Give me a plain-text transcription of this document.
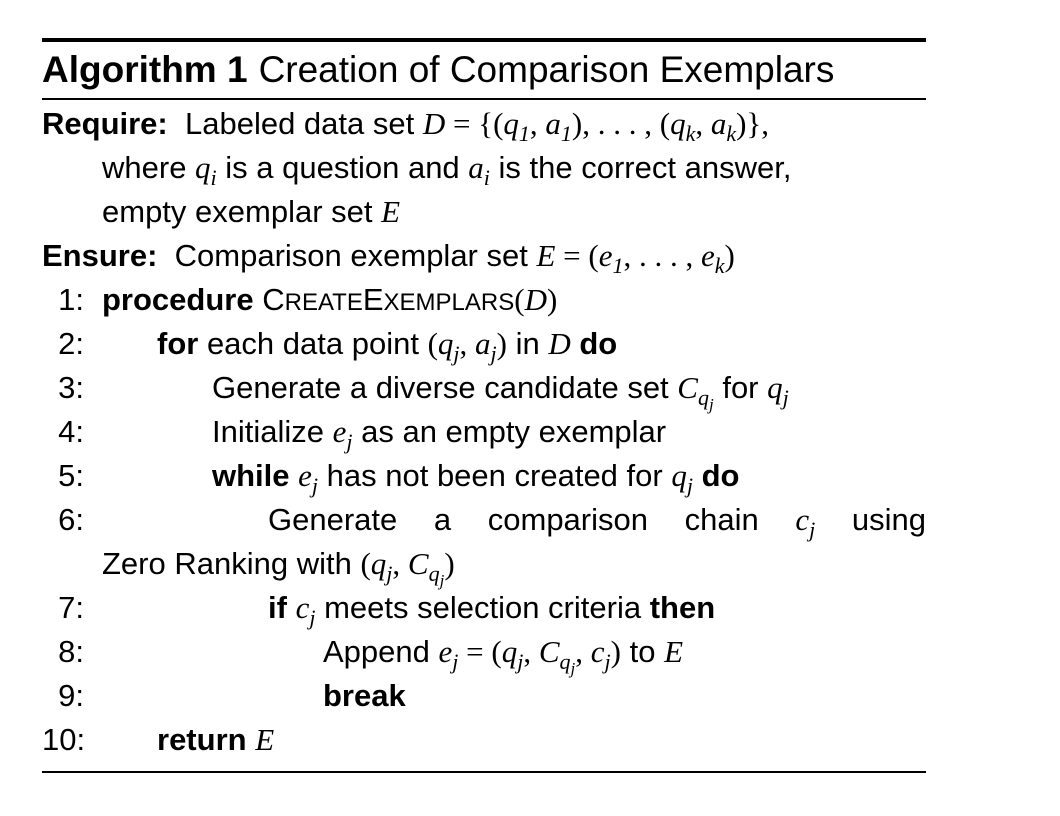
Algorithm 1 Creation of Comparison Exemplars
Require:  Labeled data set $D = \{(q_1$, $a_1$), . . . , ($q_k$, $a_k$)},
where $q_i$ is a question and $a_i$ is the correct answer,
empty exemplar set E
Ensure:  Comparison exemplar set $E = (e_1$, . . . , $e_k$)
1: procedure CREATEEXEMPLARS(D)
2: for each data point ($q_j$, $a_j$) in D do
3:	Generate a diverse candidate set $C_{qj}$ for $q_j$
4:	Initialize $e_j$ as an empty exemplar
5:	while $e_j$ has not been created for $q_j$ do
6:	Generate a comparison chain $c_j$ using
Zero Ranking with ($q_j$, $C_{qj}$)
7:	if $c_j$ meets selection criteria then
8:	Append $e_j = (q_j$, $C_{qj}$, $c_j$) to E
9:	break
10: return E
